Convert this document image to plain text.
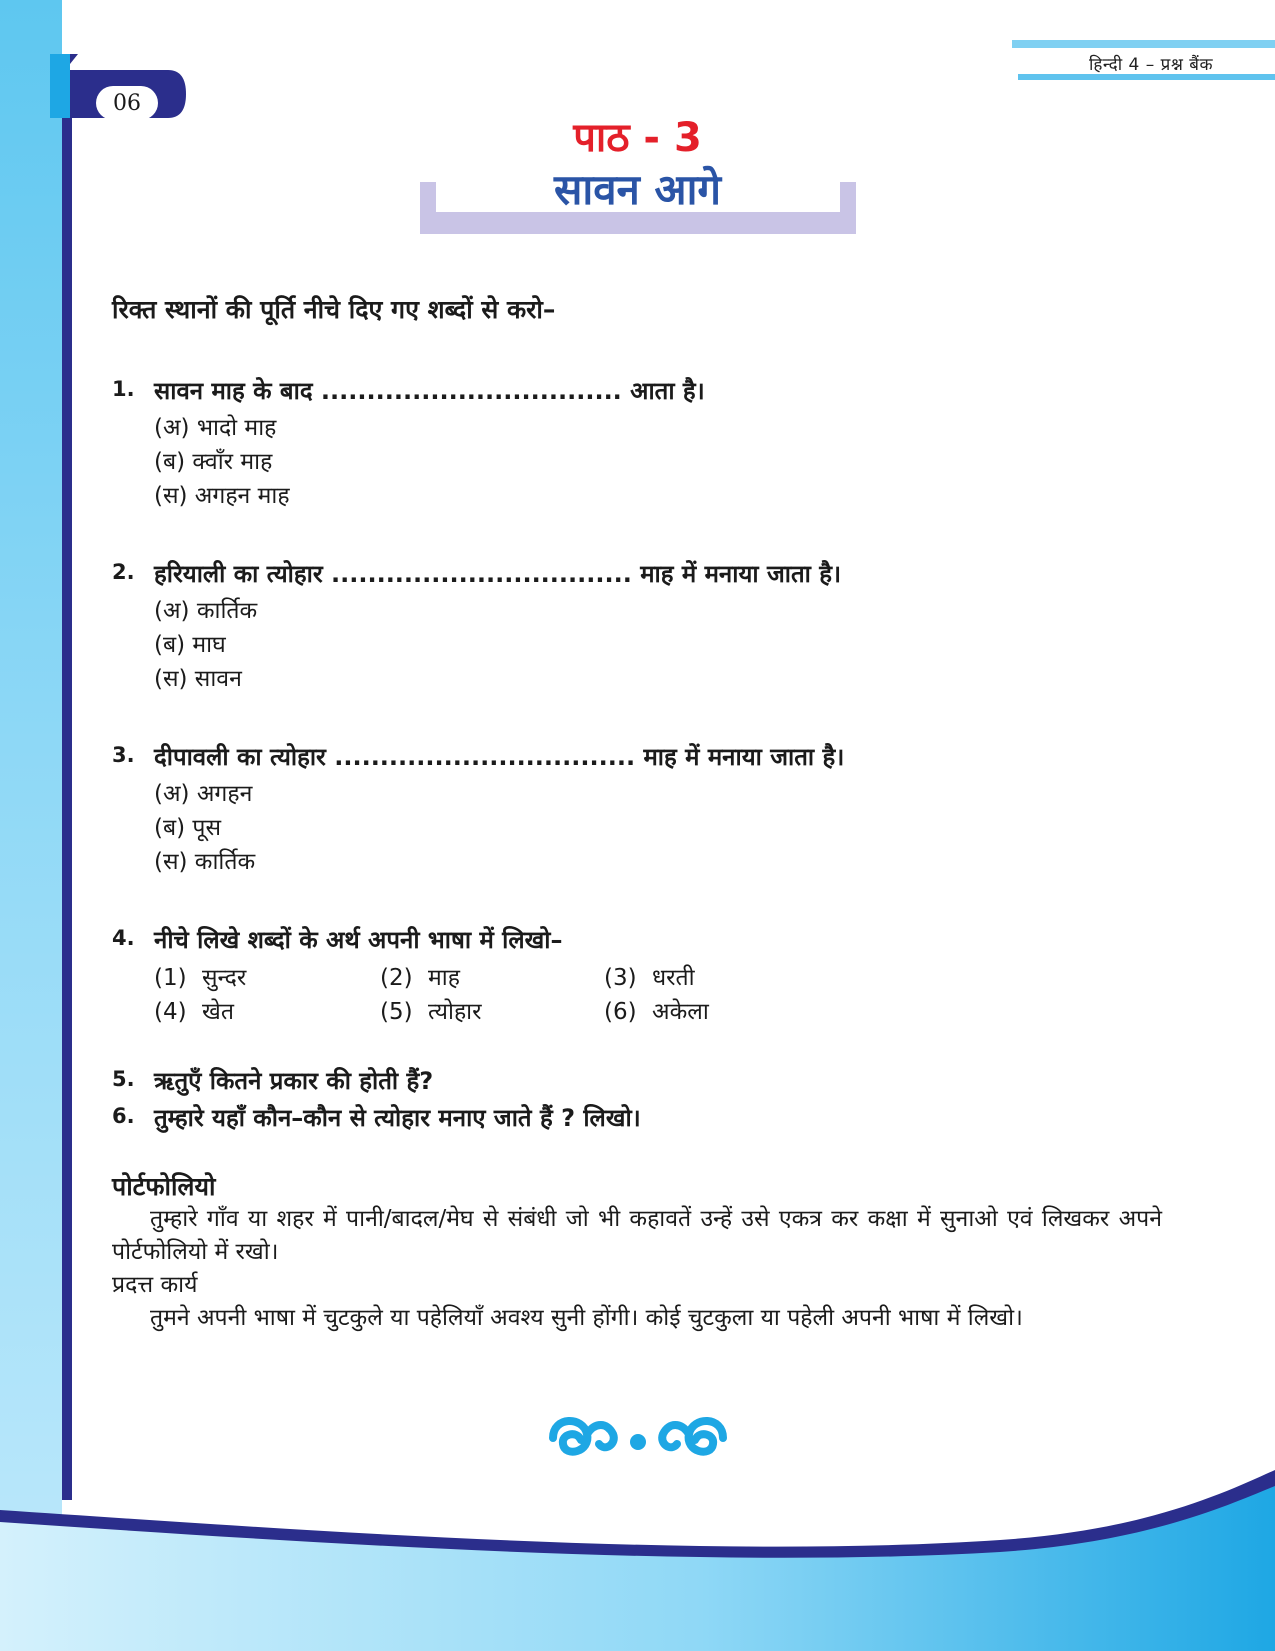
हिन्दी 4 – प्रश्न बैंक
06
पाठ - 3
सावन आगे
रिक्त स्थानों की पूर्ति नीचे दिए गए शब्दों से करो–
1. सावन माह के बाद ................................. आता है।
(अ) भादो माह
(ब) क्वाँर माह
(स) अगहन माह
2. हरियाली का त्योहार ................................. माह में मनाया जाता है।
(अ) कार्तिक
(ब) माघ
(स) सावन
3. दीपावली का त्योहार ................................. माह में मनाया जाता है।
(अ) अगहन
(ब) पूस
(स) कार्तिक
4. नीचे लिखे शब्दों के अर्थ अपनी भाषा में लिखो–
(1) सुन्दर	(2) माह	(3) धरती
(4) खेत	(5) त्योहार	(6) अकेला
5. ऋतुएँ कितने प्रकार की होती हैं?
6. तुम्हारे यहाँ कौन–कौन से त्योहार मनाए जाते हैं ? लिखो।
पोर्टफोलियो
तुम्हारे गाँव या शहर में पानी/बादल/मेघ से संबंधी जो भी कहावतें उन्हें उसे एकत्र कर कक्षा में सुनाओ एवं लिखकर अपने पोर्टफोलियो में रखो।
प्रदत्त कार्य
तुमने अपनी भाषा में चुटकुले या पहेलियाँ अवश्य सुनी होंगी। कोई चुटकुला या पहेली अपनी भाषा में लिखो।
